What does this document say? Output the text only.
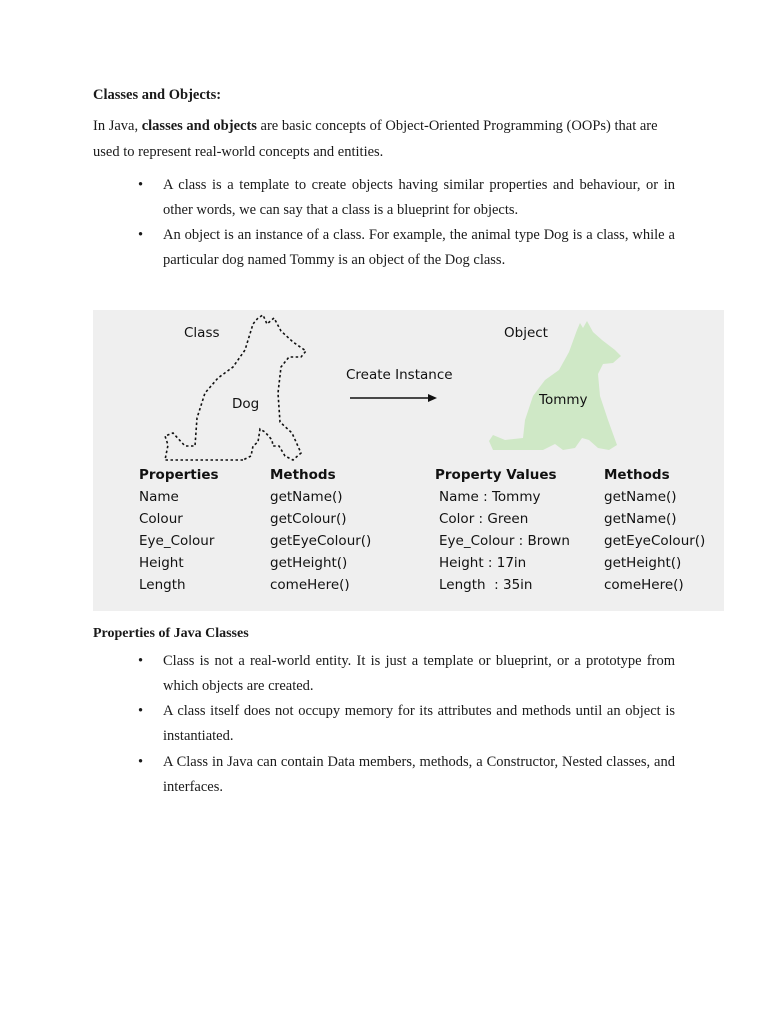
Classes and Objects:
In Java, classes and objects are basic concepts of Object-Oriented Programming (OOPs) that are used to represent real-world concepts and entities.
• A class is a template to create objects having similar properties and behaviour, or in other words, we can say that a class is a blueprint for objects.
• An object is an instance of a class. For example, the animal type Dog is a class, while a particular dog named Tommy is an object of the Dog class.
Class	Object
Create Instance
Dog	Tommy
Properties
Name
Colour
Eye_Colour
Height
Length
Methods
getName()
getColour()
getEyeColour()
getHeight()
comeHere()
Property Values
Name : Tommy
Color : Green
Eye_Colour : Brown
Height : 17in
Length  : 35in
Methods
getName()
getName()
getEyeColour()
getHeight()
comeHere()
Properties of Java Classes
• Class is not a real-world entity. It is just a template or blueprint, or a prototype from which objects are created.
• A class itself does not occupy memory for its attributes and methods until an object is instantiated.
• A Class in Java can contain Data members, methods, a Constructor, Nested classes, and interfaces.
